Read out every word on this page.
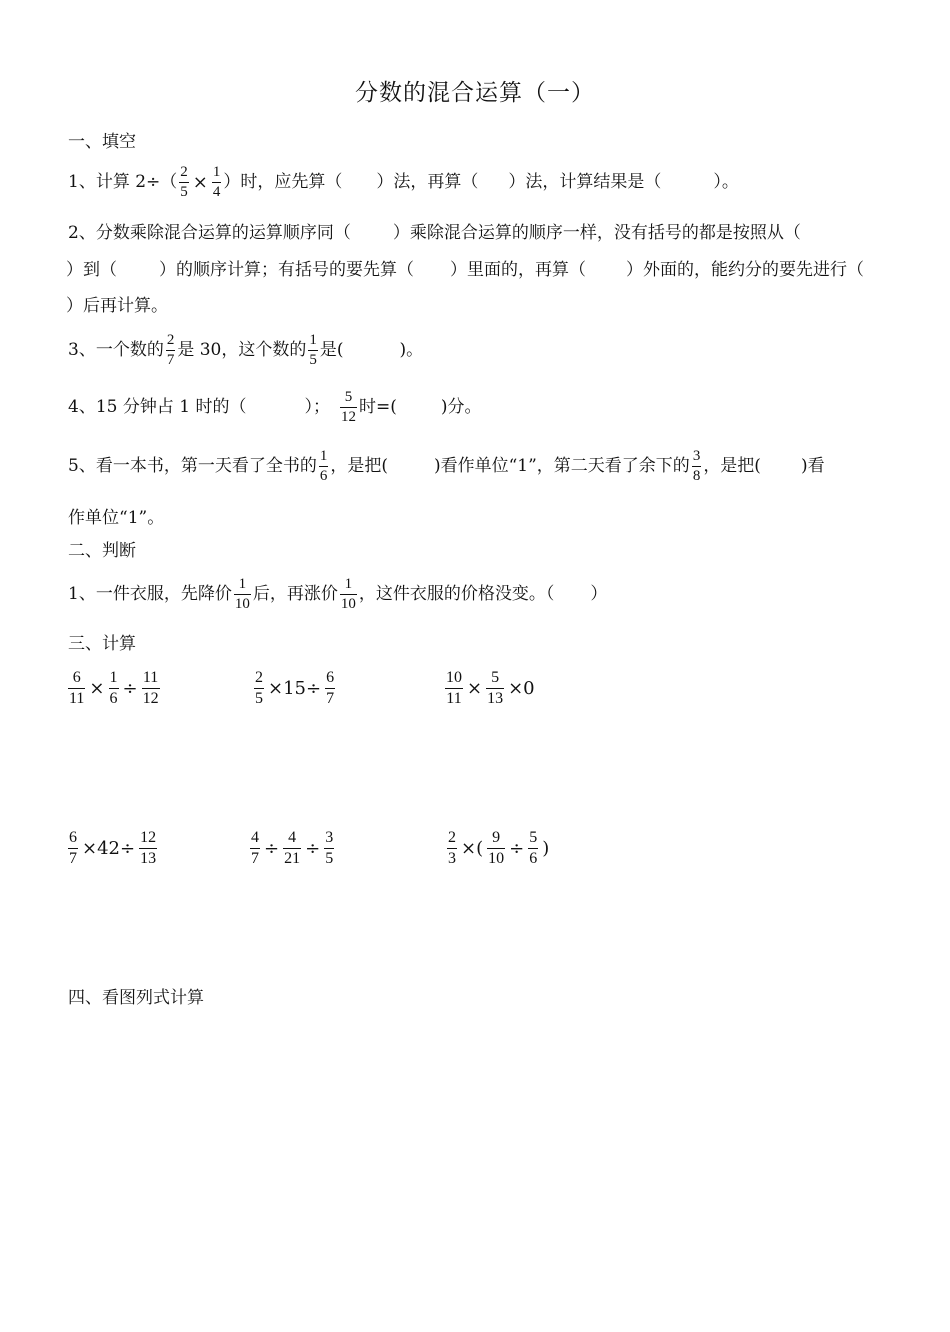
分数的混合运算（一）
一、填空
1、计算 $2\div( \frac{2}{5} \times \frac{1}{4}$ ）时，应先算（ ）法，再算（ ）法，计算结果是（	）。
2、分数乘除混合运算的运算顺序同（ ）乘除混合运算的顺序一样，没有括号的都是按照从（
）到（ ）的顺序计算；有括号的要先算（ ）里面的，再算（ ）外面的，能约分的要先进行（
）后再计算。
3、一个数的 $\frac{2}{7}$ 是 30，这个数的 $\frac{1}{5}$ 是(	)。
4、15 分钟占 1 时的（	）； $\frac{5}{12}$ 时=(	)分。
5、看一本书，第一天看了全书的 $\frac{1}{6}$ ，是把(	)看作单位“1”，第二天看了余下的 $\frac{3}{8}$ ，是把( )看
作单位“1”。
二、判断
1、一件衣服，先降价 $\frac{1}{10}$ 后，再涨价 $\frac{1}{10}$ ，这件衣服的价格没变。（ ）
三、计算
$\frac{6}{11} \times \frac{1}{6} \div \frac{11}{12}$	$\frac{2}{5} \times 15\div \frac{6}{7}$	$\frac{10}{11} \times \frac{5}{13} \times 0$
$\frac{6}{7} \times 42\div \frac{12}{13}$	$\frac{4}{7} \div \frac{4}{21} \div \frac{3}{5}$	$\frac{2}{3}$ ×( $\frac{9}{10} \div \frac{5}{6}$ )
四、看图列式计算
